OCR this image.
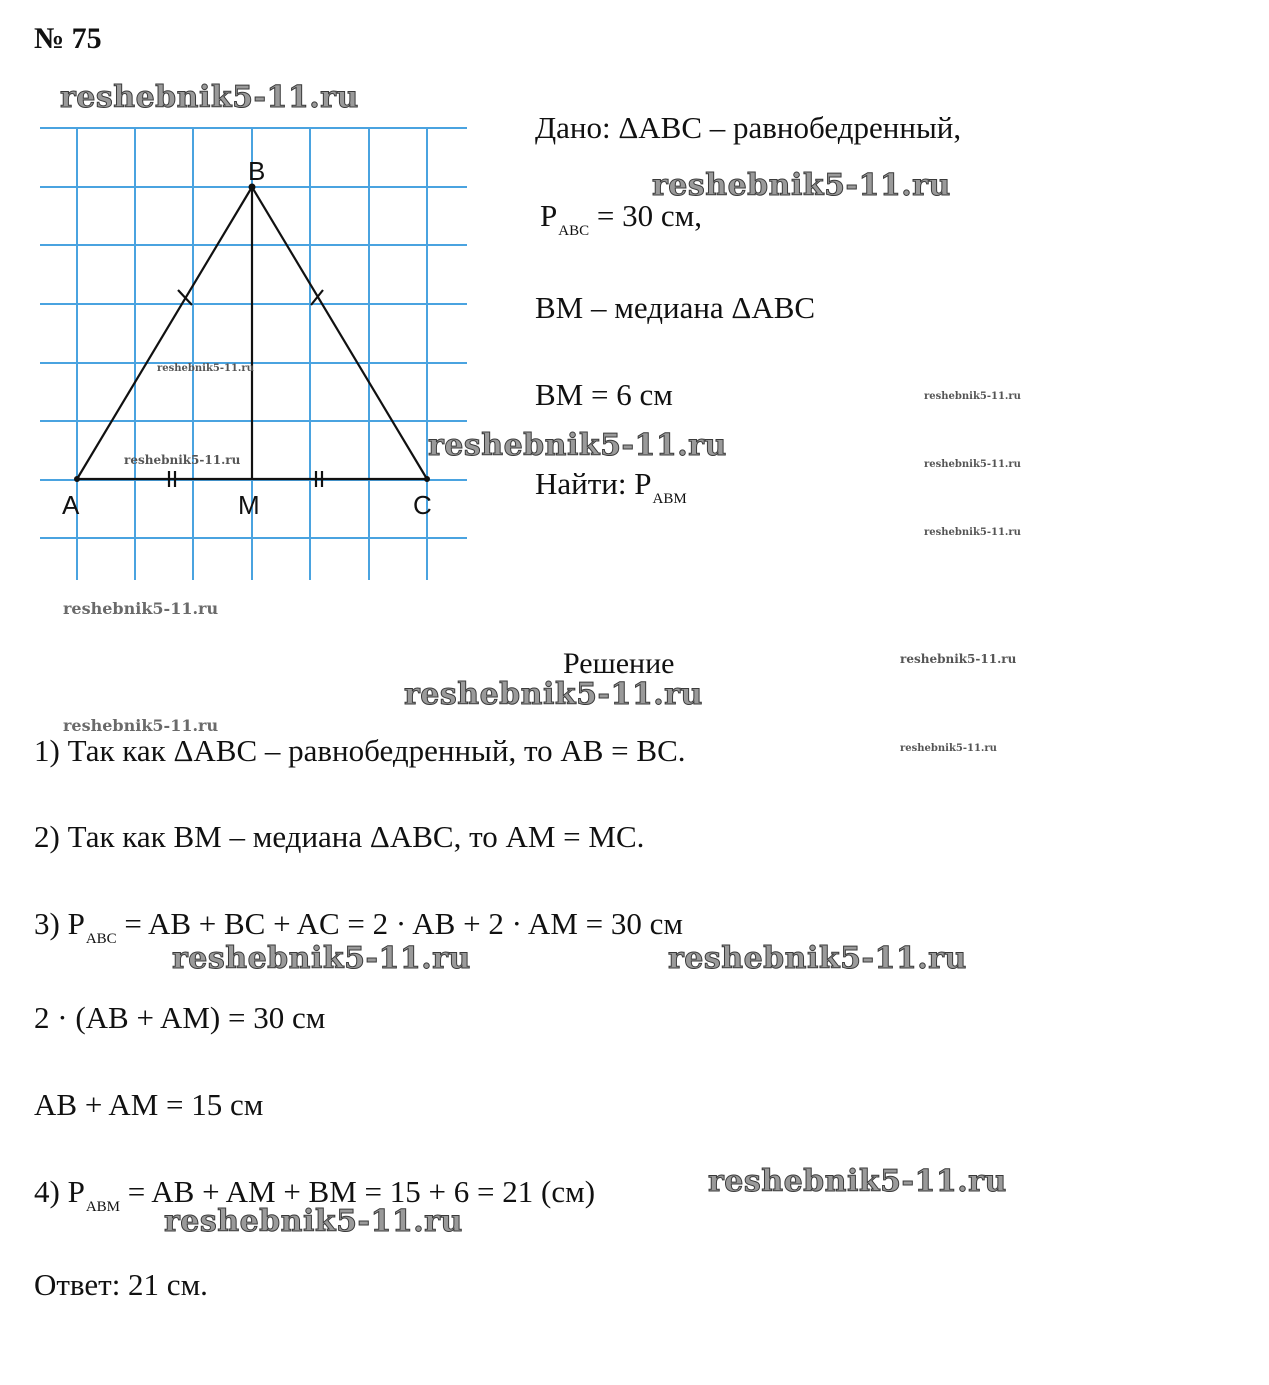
№ 75
B
A	M	C
reshebnik5-11.ru
reshebnik5-11.ru
reshebnik5-11.ru
reshebnik5-11.ru
reshebnik5-11.ru	reshebnik5-11.ru
reshebnik5-11.ru
reshebnik5-11.ru
reshebnik5-11.ru
reshebnik5-11.ru
reshebnik5-11.ru
reshebnik5-11.ru
reshebnik5-11.ru
reshebnik5-11.ru
reshebnik5-11.ru
reshebnik5-11.ru
reshebnik5-11.ru
Дано: ΔABC – равнобедренный,
$P_{ABC} = 30$ см,
BM – медиана ΔABC
BM = 6 см
Найти: $P_{ABM}$
Решение
1) Так как ΔABC – равнобедренный, то AB = BC.
2) Так как BM – медиана ΔABC, то AM = MC.
3) $P_{ABC}$ = AB + BC + AC = 2 · AB + 2 · AM = 30 см
2 · (AB + AM) = 30 см
AB + AM = 15 см
4) $P_{ABM}$ = AB + AM + BM = 15 + 6 = 21 (см)
Ответ: 21 см.
